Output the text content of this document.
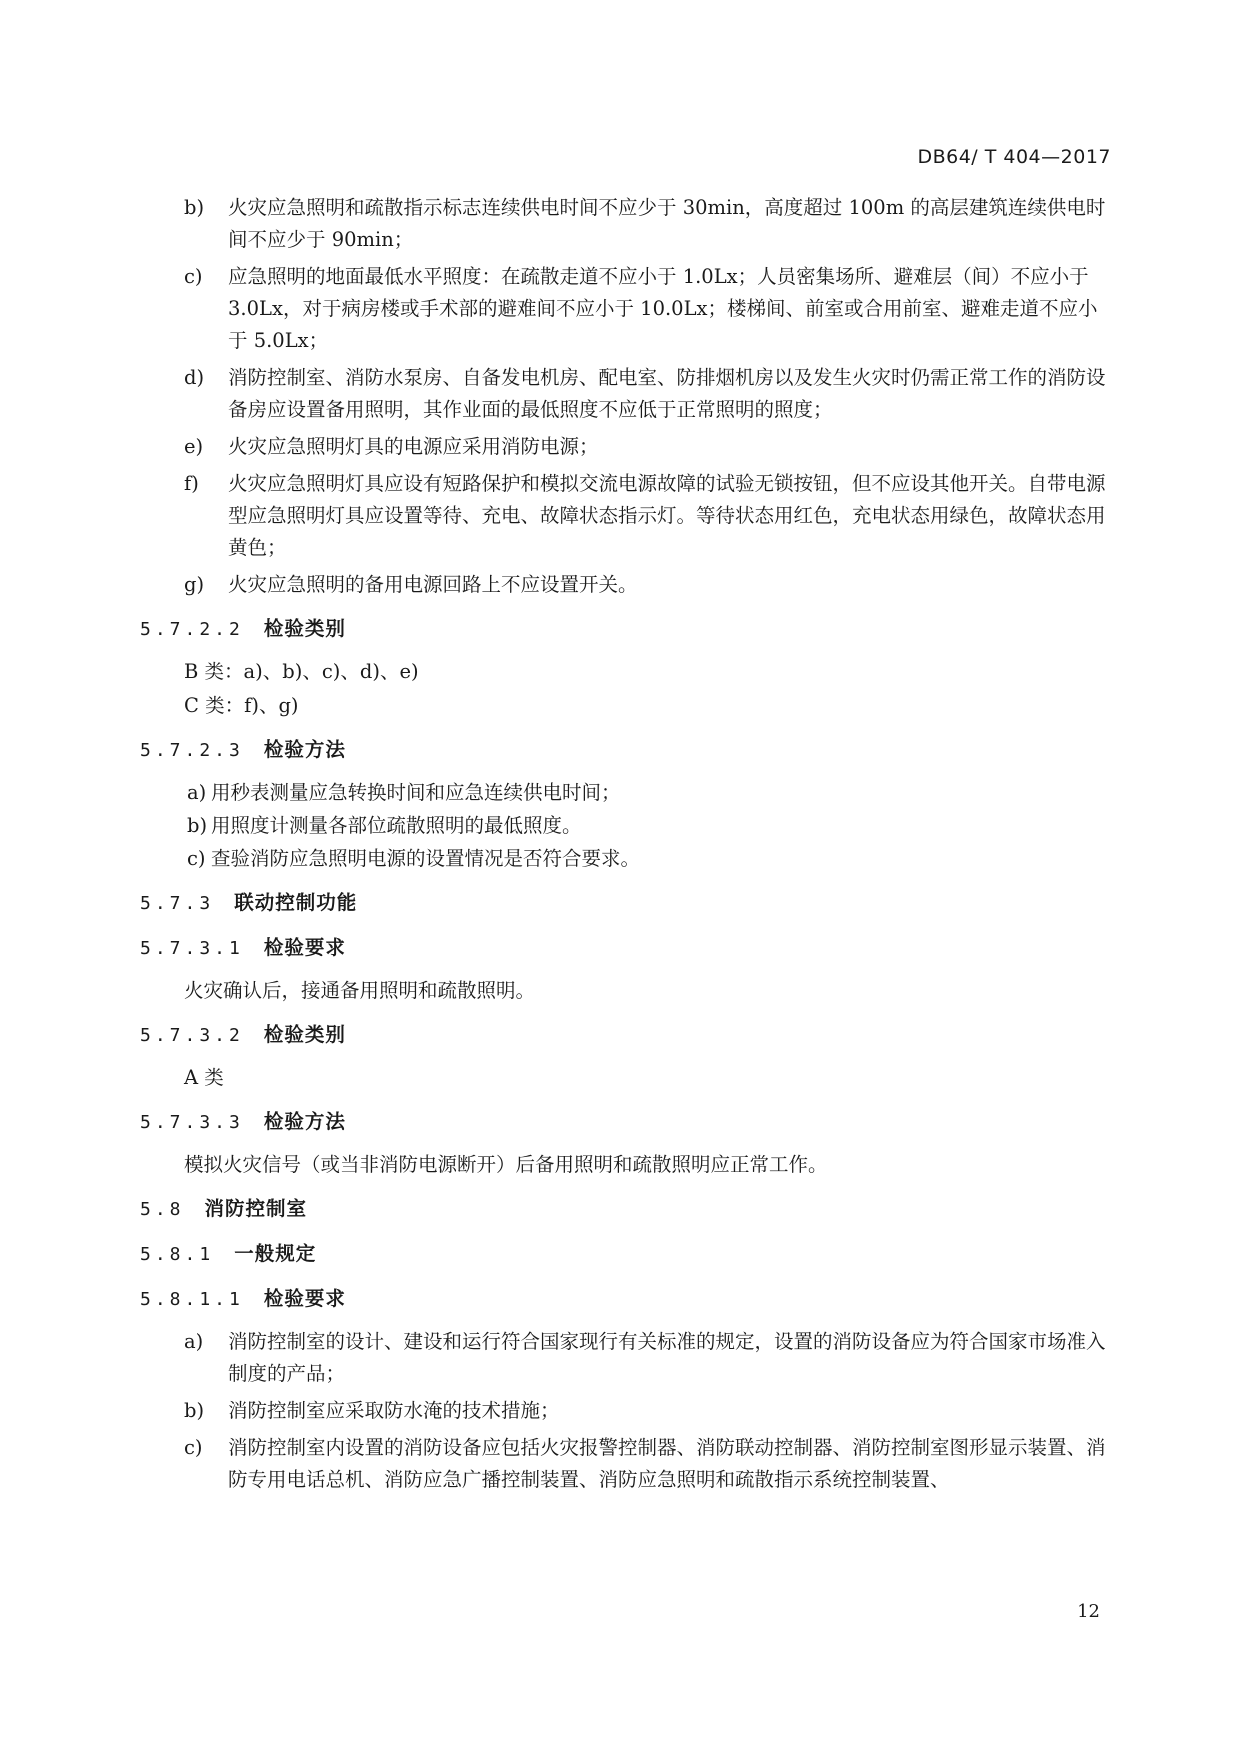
DB64/ T 404—2017
b) 火灾应急照明和疏散指示标志连续供电时间不应少于 30min，高度超过 100m 的高层建筑连续供电时间不应少于 90min；
c) 应急照明的地面最低水平照度：在疏散走道不应小于 1.0Lx；人员密集场所、避难层（间）不应小于 3.0Lx，对于病房楼或手术部的避难间不应小于 10.0Lx；楼梯间、前室或合用前室、避难走道不应小于 5.0Lx；
d) 消防控制室、消防水泵房、自备发电机房、配电室、防排烟机房以及发生火灾时仍需正常工作的消防设备房应设置备用照明，其作业面的最低照度不应低于正常照明的照度；
e) 火灾应急照明灯具的电源应采用消防电源；
f) 火灾应急照明灯具应设有短路保护和模拟交流电源故障的试验无锁按钮，但不应设其他开关。自带电源型应急照明灯具应设置等待、充电、故障状态指示灯。等待状态用红色，充电状态用绿色，故障状态用黄色；
g) 火灾应急照明的备用电源回路上不应设置开关。
5.7.2.2 检验类别
B 类：a)、b)、c)、d)、e)
C 类：f)、g)
5.7.2.3 检验方法
a) 用秒表测量应急转换时间和应急连续供电时间；
b) 用照度计测量各部位疏散照明的最低照度。
c) 查验消防应急照明电源的设置情况是否符合要求。
5.7.3 联动控制功能
5.7.3.1 检验要求
火灾确认后，接通备用照明和疏散照明。
5.7.3.2 检验类别
A 类
5.7.3.3 检验方法
模拟火灾信号（或当非消防电源断开）后备用照明和疏散照明应正常工作。
5.8 消防控制室
5.8.1 一般规定
5.8.1.1 检验要求
a) 消防控制室的设计、建设和运行符合国家现行有关标准的规定，设置的消防设备应为符合国家市场准入制度的产品；
b) 消防控制室应采取防水淹的技术措施；
c) 消防控制室内设置的消防设备应包括火灾报警控制器、消防联动控制器、消防控制室图形显示装置、消防专用电话总机、消防应急广播控制装置、消防应急照明和疏散指示系统控制装置、
12
